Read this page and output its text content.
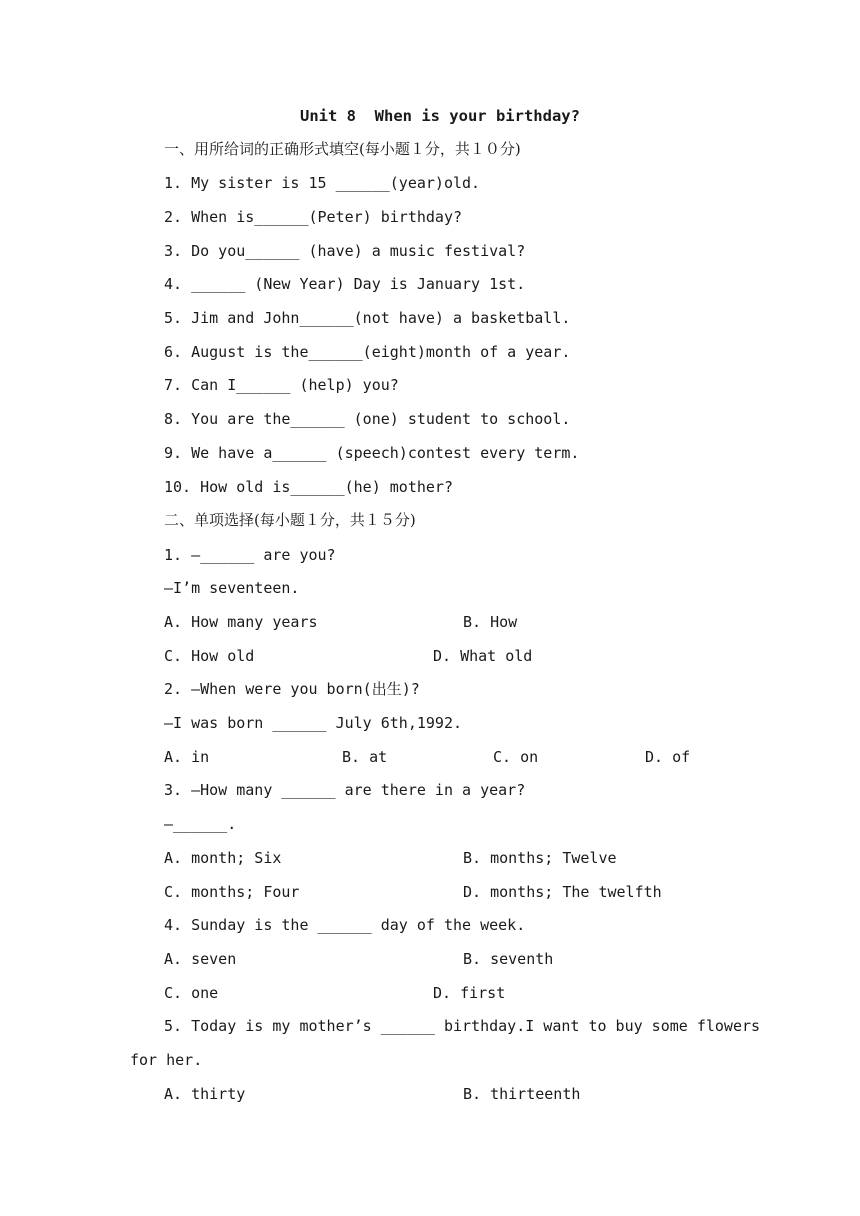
Unit 8  When is your birthday?
一、用所给词的正确形式填空(每小题１分，共１０分)
1. My sister is 15 ______(year)old.
2. When is______(Peter) birthday?
3. Do you______ (have) a music festival?
4. ______ (New Year) Day is January 1st.
5. Jim and John______(not have) a basketball.
6. August is the______(eight)month of a year.
7. Can I______ (help) you?
8. You are the______ (one) student to school.
9. We have a______ (speech)contest every term.
10. How old is______(he) mother?
二、单项选择(每小题１分，共１５分)
1. —______ are you?
—I’m seventeen.
A. How many years	B. How
C. How old	D. What old
2. —When were you born(出生)?
—I was born ______ July 6th,1992.
A. in	B. at	C. on	D. of
3. —How many ______ are there in a year?
—______.
A. month; Six	B. months; Twelve
C. months; Four	D. months; The twelfth
4. Sunday is the ______ day of the week.
A. seven	B. seventh
C. one	D. first
5. Today is my mother’s ______ birthday.I want to buy some flowers
for her.
A. thirty	B. thirteenth
